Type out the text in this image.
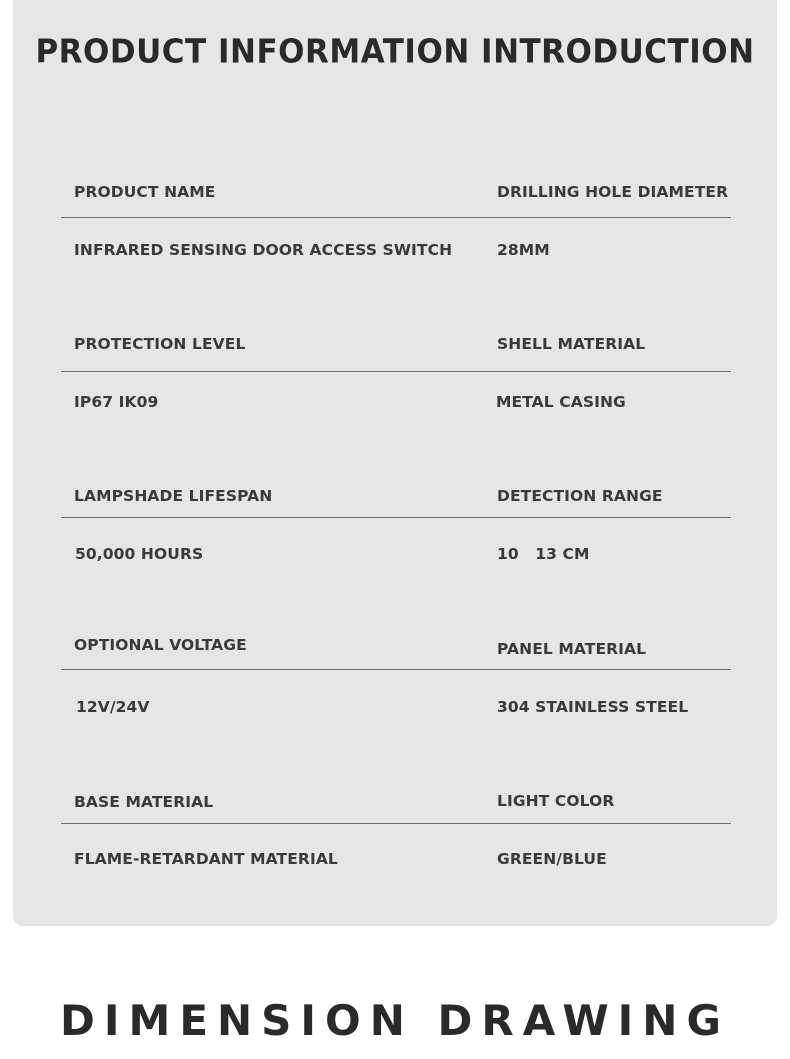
PRODUCT INFORMATION INTRODUCTION
PRODUCT NAME	DRILLING HOLE DIAMETER
INFRARED SENSING DOOR ACCESS SWITCH	28MM
PROTECTION LEVEL	SHELL MATERIAL
IP67 IK09	METAL CASING
LAMPSHADE LIFESPAN	DETECTION RANGE
50,000 HOURS	10   13 CM
OPTIONAL VOLTAGE	PANEL MATERIAL
12V/24V	304 STAINLESS STEEL
BASE MATERIAL	LIGHT COLOR
FLAME-RETARDANT MATERIAL	GREEN/BLUE
DIMENSION DRAWING
